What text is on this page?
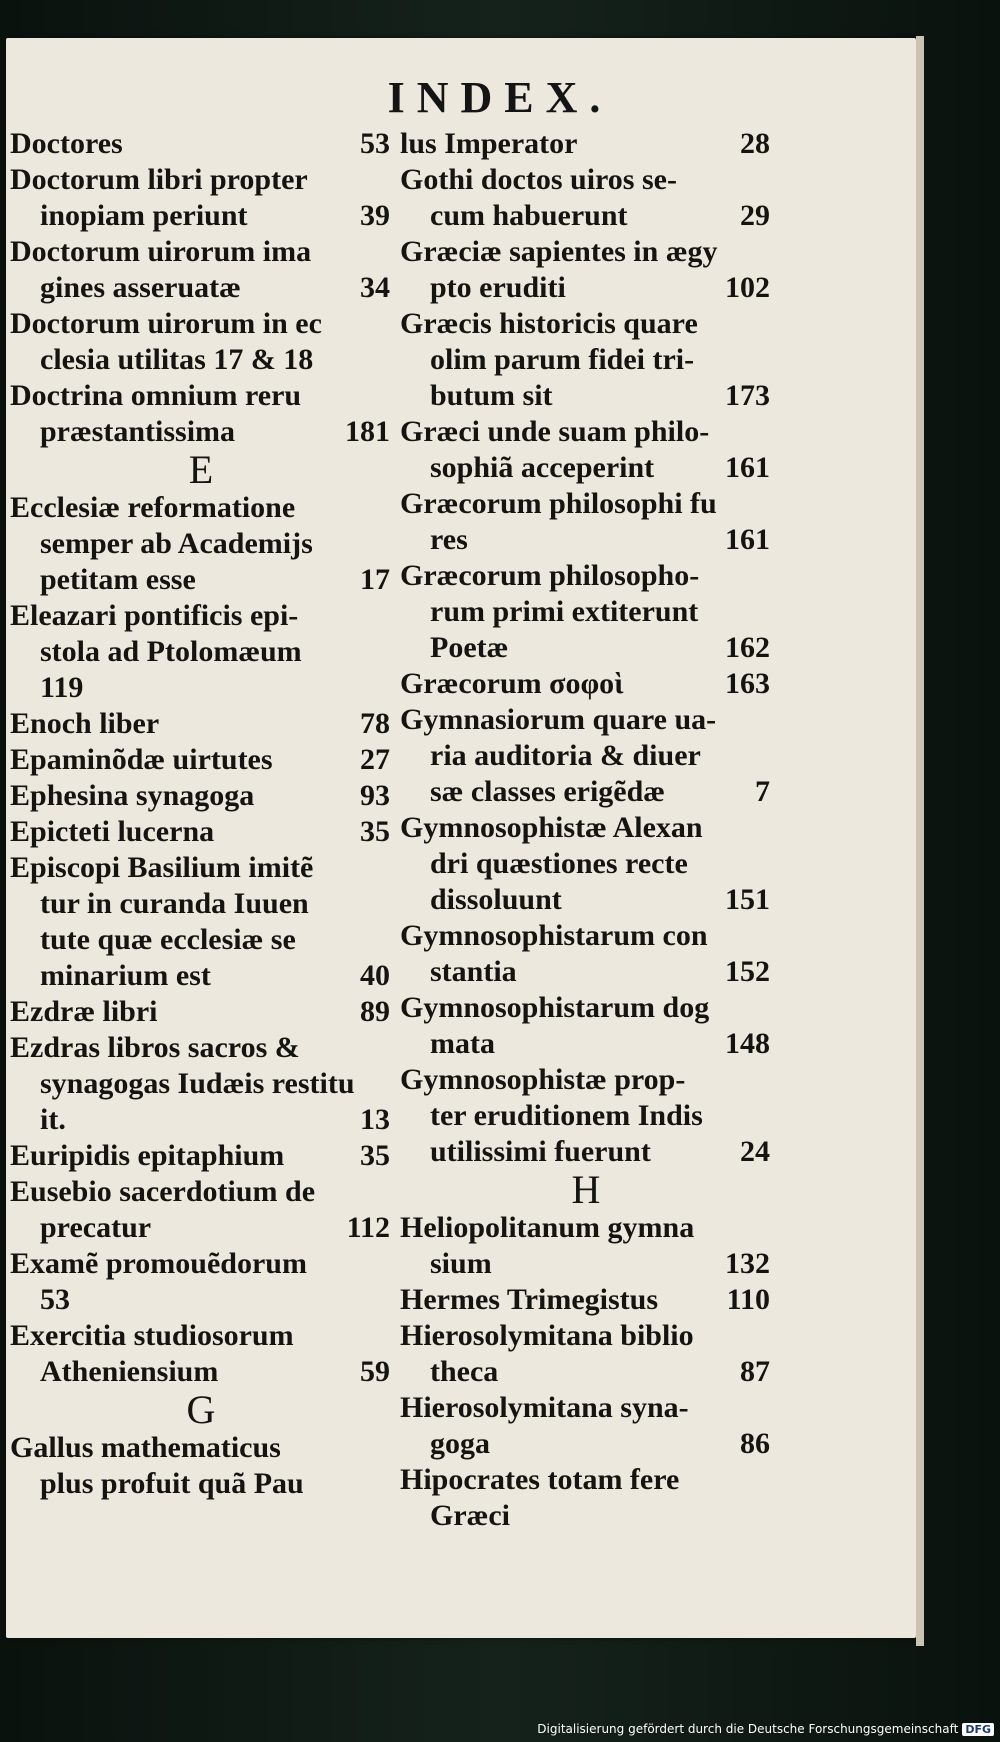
INDEX.
Doctores	53
Doctorum libri propter
inopiam periunt	39
Doctorum uirorum ima
gines asseruatæ	34
Doctorum uirorum in ec
clesia utilitas 17 & 18
Doctrina omnium reru
præstantissima	181
E
Ecclesiæ reformatione
semper ab Academijs
petitam esse	17
Eleazari pontificis epi-
stola ad Ptolomæum
119
Enoch liber	78
Epaminõdæ uirtutes	27
Ephesina synagoga	93
Epicteti lucerna	35
Episcopi Basilium imitẽ
tur in curanda Iuuen
tute quæ ecclesiæ se
minarium est	40
Ezdræ libri	89
Ezdras libros sacros &
synagogas Iudæis restitu
it.	13
Euripidis epitaphium	35
Eusebio sacerdotium de
precatur	112
Examẽ promouẽdorum
53
Exercitia studiosorum
Atheniensium	59
G
Gallus mathematicus
plus profuit quã Pau
lus Imperator	28
Gothi doctos uiros se-
cum habuerunt	29
Græciæ sapientes in ægy
pto eruditi	102
Græcis historicis quare
olim parum fidei tri-
butum sit	173
Græci unde suam philo-
sophiã acceperint	161
Græcorum philosophi fu
res	161
Græcorum philosopho-
rum primi extiterunt
Poetæ	162
Græcorum σοφοὶ	163
Gymnasiorum quare ua-
ria auditoria & diuer
sæ classes erigẽdæ	7
Gymnosophistæ Alexan
dri quæstiones recte
dissoluunt	151
Gymnosophistarum con
stantia	152
Gymnosophistarum dog
mata	148
Gymnosophistæ prop-
ter eruditionem Indis
utilissimi fuerunt	24
H
Heliopolitanum gymna
sium	132
Hermes Trimegistus	110
Hierosolymitana biblio
theca	87
Hierosolymitana syna-
goga	86
Hipocrates totam fere
Græci
Digitalisierung gefördert durch die Deutsche Forschungsgemeinschaft DFG
